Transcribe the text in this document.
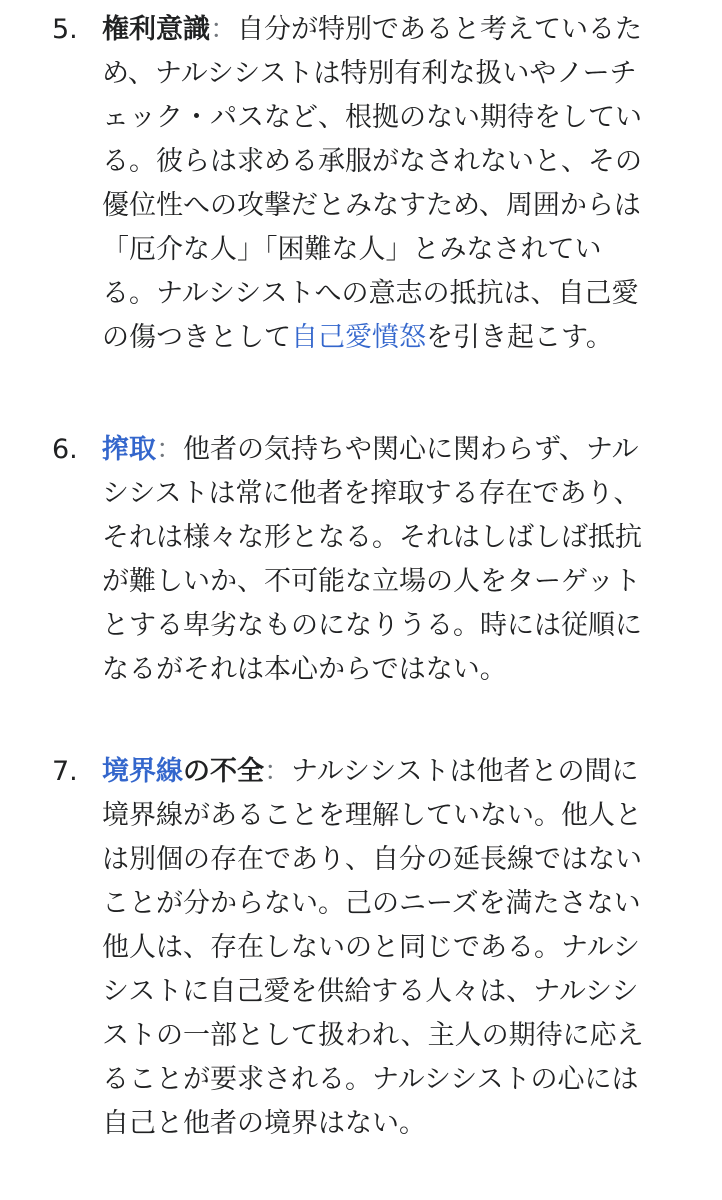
5. 権利意識：自分が特別であると考えているた
め、ナルシシストは特別有利な扱いやノーチ
ェック・パスなど、根拠のない期待をしてい
る。彼らは求める承服がなされないと、その
優位性への攻撃だとみなすため、周囲からは
「厄介な人」「困難な人」とみなされてい
る。ナルシシストへの意志の抵抗は、自己愛
の傷つきとして自己愛憤怒を引き起こす。
6. 搾取：他者の気持ちや関心に関わらず、ナル
シシストは常に他者を搾取する存在であり、
それは様々な形となる。それはしばしば抵抗
が難しいか、不可能な立場の人をターゲット
とする卑劣なものになりうる。時には従順に
なるがそれは本心からではない。
7. 境界線の不全：ナルシシストは他者との間に
境界線があることを理解していない。他人と
は別個の存在であり、自分の延長線ではない
ことが分からない。己のニーズを満たさない
他人は、存在しないのと同じである。ナルシ
シストに自己愛を供給する人々は、ナルシシ
ストの一部として扱われ、主人の期待に応え
ることが要求される。ナルシシストの心には
自己と他者の境界はない。
